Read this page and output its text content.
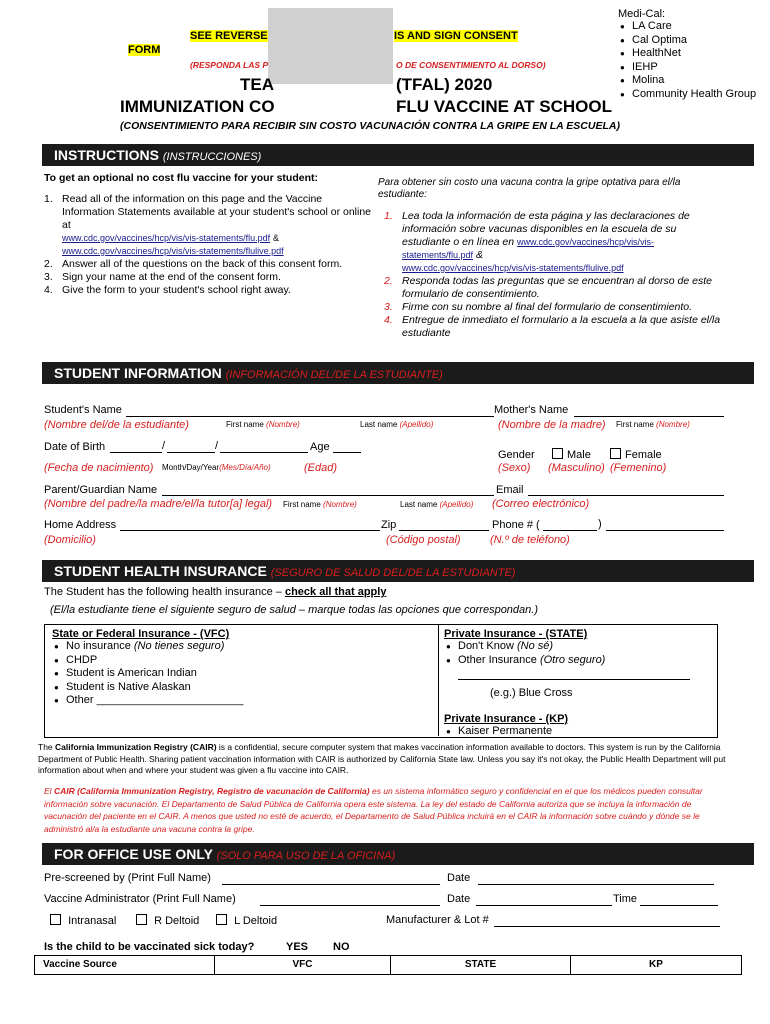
SEE REVERSE	IS AND SIGN CONSENT
FORM
(RESPONDA LAS P	O DE CONSENTIMIENTO AL DORSO)
TEA	(TFAL) 2020
IMMUNIZATION CO	FLU VACCINE AT SCHOOL
(CONSENTIMIENTO PARA RECIBIR SIN COSTO VACUNACIÓN CONTRA LA GRIPE EN LA ESCUELA)
Medi-Cal:
● LA Care
● Cal Optima
● HealthNet
● IEHP
● Molina
● Community Health Group
INSTRUCTIONS (INSTRUCCIONES)
To get an optional no cost flu vaccine for your student:
1. Read all of the information on this page and the Vaccine Information Statements available at your student's school or online at
www.cdc.gov/vaccines/hcp/vis/vis-statements/flu.pdf &
www.cdc.gov/vaccines/hcp/vis/vis-statements/flulive.pdf
2. Answer all of the questions on the back of this consent form.
3. Sign your name at the end of the consent form.
4. Give the form to your student's school right away.
Para obtener sin costo una vacuna contra la gripe optativa para el/la estudiante:
1. Lea toda la información de esta página y las declaraciones de información sobre vacunas disponibles en la escuela de su estudiante o en línea en www.cdc.gov/vaccines/hcp/vis/vis-statements/flu.pdf &
www.cdc.gov/vaccines/hcp/vis/vis-statements/flulive.pdf
2. Responda todas las preguntas que se encuentran al dorso de este formulario de consentimiento.
3. Firme con su nombre al final del formulario de consentimiento.
4. Entregue de inmediato el formulario a la escuela a la que asiste el/la estudiante
STUDENT INFORMATION (INFORMACIÓN DEL/DE LA ESTUDIANTE)
Student's Name
(Nombre del/de la estudiante)	First name (Nombre)	Last name (Apellido)
Mother's Name
(Nombre de la madre) First name (Nombre)
Date of Birth	/	/	Age
(Fecha de nacimiento) Month/Day/Year(Mes/Día/Año)	(Edad)
Gender	Male	Female
(Sexo) (Masculino) (Femenino)
Parent/Guardian Name
(Nombre del padre/la madre/el/la tutor[a] legal) First name (Nombre)	Last name (Apellido)
Email
(Correo electrónico)
Home Address
(Domicilio)
Zip
(Código postal)
Phone # (	)
(N.º de teléfono)
STUDENT HEALTH INSURANCE (SEGURO DE SALUD DEL/DE LA ESTUDIANTE)
The Student has the following health insurance – check all that apply
(El/la estudiante tiene el siguiente seguro de salud – marque todas las opciones que correspondan.)
State or Federal Insurance - (VFC)
● No insurance (No tienes seguro)
● CHDP
● Student is American Indian
● Student is Native Alaskan
● Other ________________________
Private Insurance - (STATE)
● Don't Know (No sé)
● Other Insurance (Otro seguro)
(e.g.) Blue Cross
Private Insurance - (KP)
● Kaiser Permanente
The California Immunization Registry (CAIR) is a confidential, secure computer system that makes vaccination information available to doctors. This system is run by the California Department of Public Health. Sharing patient vaccination information with CAIR is authorized by California State law. Unless you say it's not okay, the Public Health Department will put information about when and where your student was given a flu vaccine into CAIR.
El CAIR (California Immunization Registry, Registro de vacunación de California) es un sistema informático seguro y confidencial en el que los médicos pueden consultar información sobre vacunación. El Departamento de Salud Pública de California opera este sistema. La ley del estado de California autoriza que se incluya la información de vacunación del paciente en el CAIR. A menos que usted no esté de acuerdo, el Departamento de Salud Pública incluirá en el CAIR la información sobre cuándo y dónde se le administró al/a la estudiante una vacuna contra la gripe.
FOR OFFICE USE ONLY (SOLO PARA USO DE LA OFICINA)
Pre-screened by (Print Full Name)	Date
Vaccine Administrator (Print Full Name)	Date	Time
Intranasal	R Deltoid	L Deltoid	Manufacturer & Lot #
Is the child to be vaccinated sick today?	YES NO
Vaccine Source	VFC	STATE	KP
